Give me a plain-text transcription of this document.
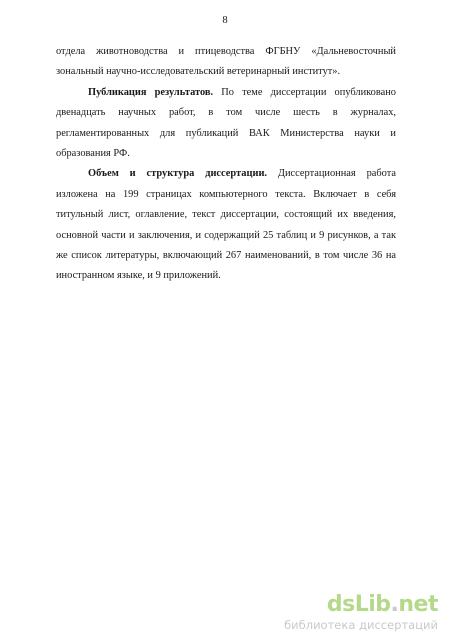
8

отдела животноводства и птицеводства ФГБНУ «Дальневосточный зональный научно-исследовательский ветеринарный институт».

Публикация результатов. По теме диссертации опубликовано двенадцать научных работ, в том числе шесть в журналах, регламентированных для публикаций ВАК Министерства науки и образования РФ.

Объем и структура диссертации. Диссертационная работа изложена на 199 страницах компьютерного текста. Включает в себя титульный лист, оглавление, текст диссертации, состоящий их введения, основной части и заключения, и содержащий 25 таблиц и 9 рисунков, а так же список литературы, включающий 267 наименований, в том числе 36 на иностранном языке, и 9 приложений.

dsLib.net
библиотека диссертаций
